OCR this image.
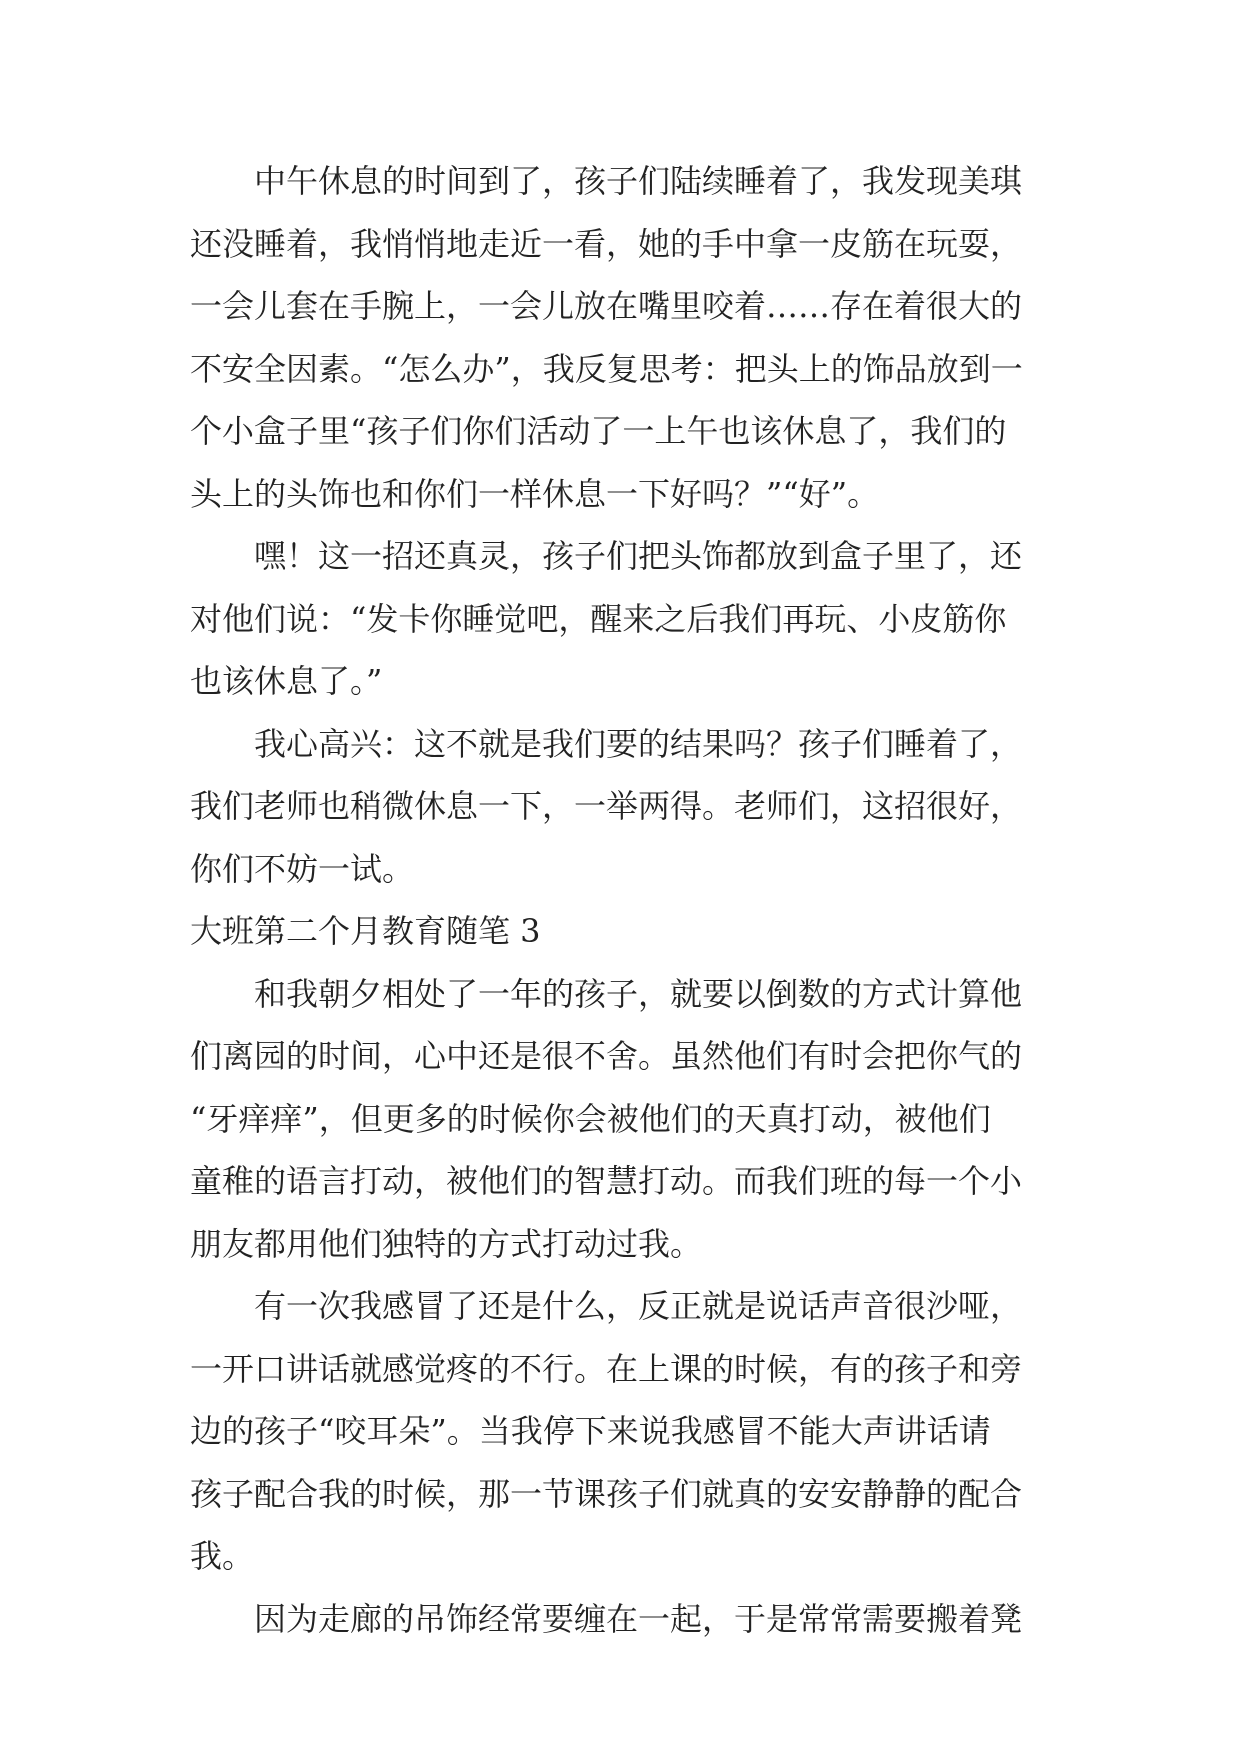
中午休息的时间到了，孩子们陆续睡着了，我发现美琪
还没睡着，我悄悄地走近一看，她的手中拿一皮筋在玩耍，
一会儿套在手腕上，一会儿放在嘴里咬着……存在着很大的
不安全因素。“怎么办”，我反复思考：把头上的饰品放到一
个小盒子里“孩子们你们活动了一上午也该休息了，我们的
头上的头饰也和你们一样休息一下好吗？”“好”。

嘿！这一招还真灵，孩子们把头饰都放到盒子里了，还
对他们说：“发卡你睡觉吧，醒来之后我们再玩、小皮筋你
也该休息了。”

我心高兴：这不就是我们要的结果吗？孩子们睡着了，
我们老师也稍微休息一下，一举两得。老师们，这招很好，
你们不妨一试。

大班第二个月教育随笔 3

和我朝夕相处了一年的孩子，就要以倒数的方式计算他
们离园的时间，心中还是很不舍。虽然他们有时会把你气的
“牙痒痒”，但更多的时候你会被他们的天真打动，被他们
童稚的语言打动，被他们的智慧打动。而我们班的每一个小
朋友都用他们独特的方式打动过我。

有一次我感冒了还是什么，反正就是说话声音很沙哑，
一开口讲话就感觉疼的不行。在上课的时候，有的孩子和旁
边的孩子“咬耳朵”。当我停下来说我感冒不能大声讲话请
孩子配合我的时候，那一节课孩子们就真的安安静静的配合
我。

因为走廊的吊饰经常要缠在一起，于是常常需要搬着凳
